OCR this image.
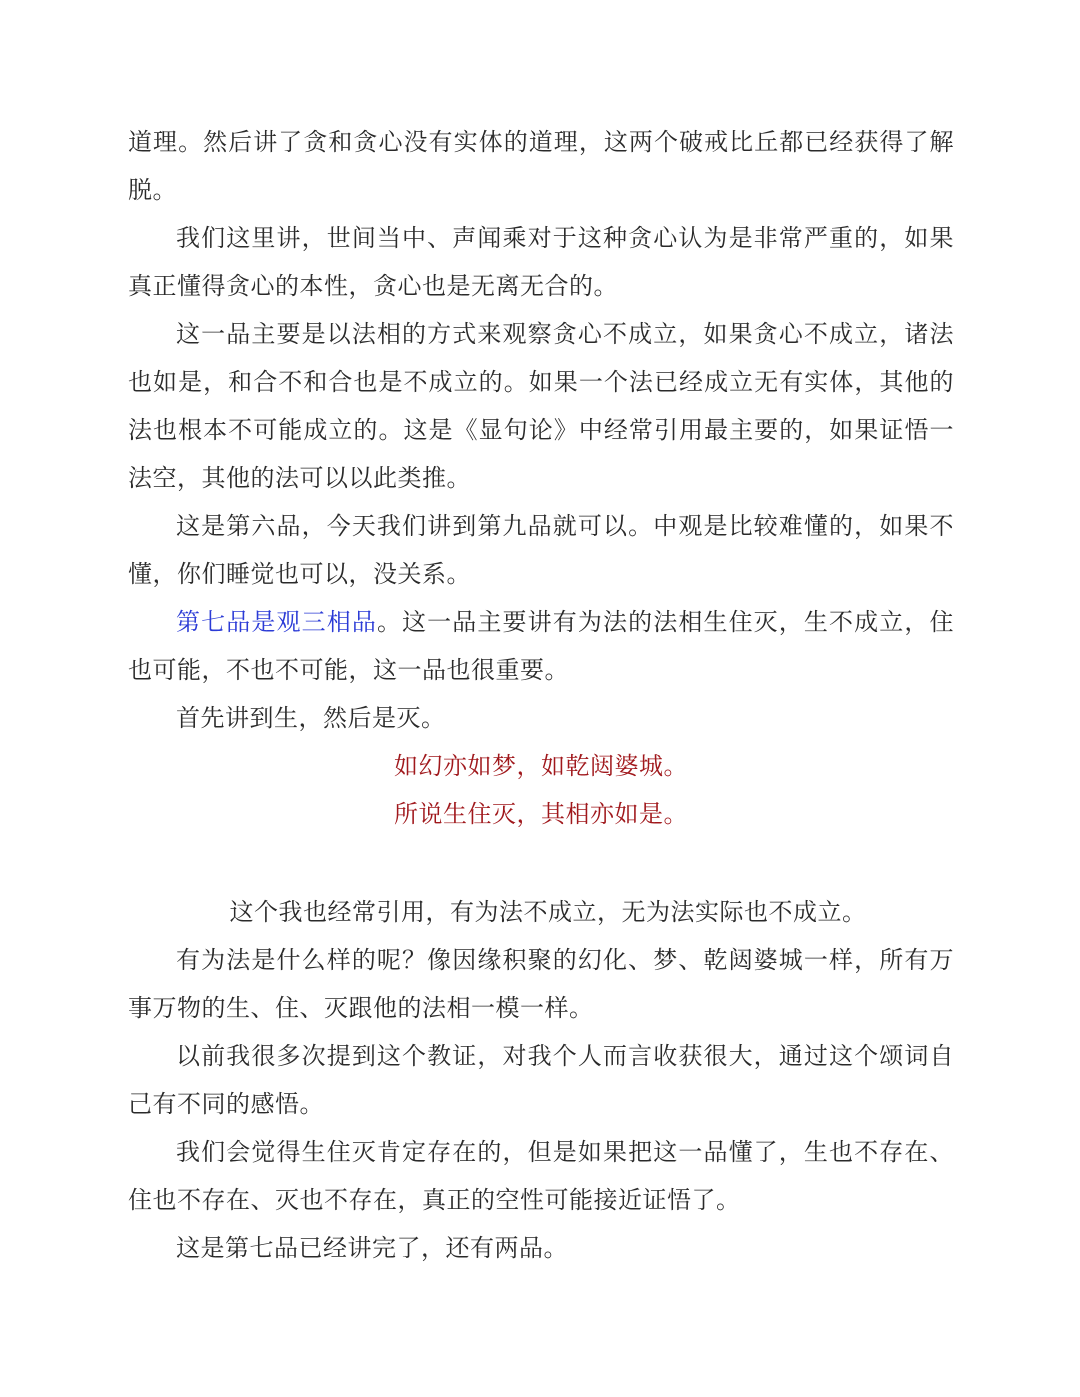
道理。然后讲了贪和贪心没有实体的道理，这两个破戒比丘都已经获得了解脱。

我们这里讲，世间当中、声闻乘对于这种贪心认为是非常严重的，如果真正懂得贪心的本性，贪心也是无离无合的。

这一品主要是以法相的方式来观察贪心不成立，如果贪心不成立，诸法也如是，和合不和合也是不成立的。如果一个法已经成立无有实体，其他的法也根本不可能成立的。这是《显句论》中经常引用最主要的，如果证悟一法空，其他的法可以以此类推。

这是第六品，今天我们讲到第九品就可以。中观是比较难懂的，如果不懂，你们睡觉也可以，没关系。

第七品是观三相品。这一品主要讲有为法的法相生住灭，生不成立，住也可能，不也不可能，这一品也很重要。

首先讲到生，然后是灭。

如幻亦如梦，如乾闼婆城。

所说生住灭，其相亦如是。

这个我也经常引用，有为法不成立，无为法实际也不成立。

有为法是什么样的呢？像因缘积聚的幻化、梦、乾闼婆城一样，所有万事万物的生、住、灭跟他的法相一模一样。

以前我很多次提到这个教证，对我个人而言收获很大，通过这个颂词自己有不同的感悟。

我们会觉得生住灭肯定存在的，但是如果把这一品懂了，生也不存在、住也不存在、灭也不存在，真正的空性可能接近证悟了。

这是第七品已经讲完了，还有两品。
